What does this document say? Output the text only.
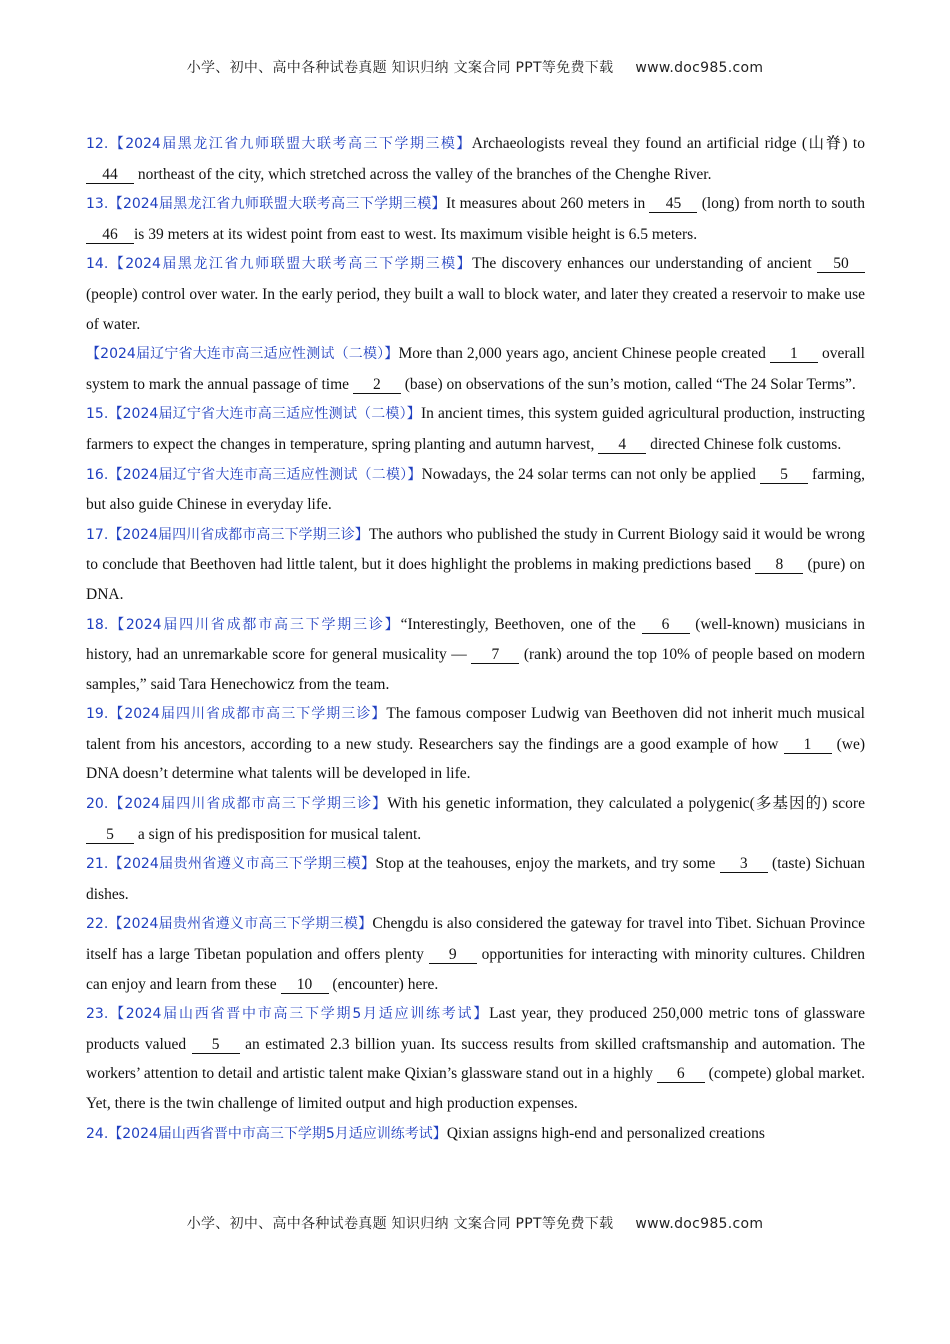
小学、初中、高中各种试卷真题 知识归纳 文案合同 PPT等免费下载 www.doc985.com

12.【2024届黑龙江省九师联盟大联考高三下学期三模】Archaeologists reveal they found an artificial ridge (山脊) to 44 northeast of the city, which stretched across the valley of the branches of the Chenghe River.

13.【2024届黑龙江省九师联盟大联考高三下学期三模】It measures about 260 meters in 45 (long) from north to south 46 is 39 meters at its widest point from east to west. Its maximum visible height is 6.5 meters.

14.【2024届黑龙江省九师联盟大联考高三下学期三模】The discovery enhances our understanding of ancient 50 (people) control over water. In the early period, they built a wall to block water, and later they created a reservoir to make use of water.

【2024届辽宁省大连市高三适应性测试（二模）】More than 2,000 years ago, ancient Chinese people created 1 overall system to mark the annual passage of time 2 (base) on observations of the sun’s motion, called “The 24 Solar Terms”.

15.【2024届辽宁省大连市高三适应性测试（二模）】In ancient times, this system guided agricultural production, instructing farmers to expect the changes in temperature, spring planting and autumn harvest, 4 directed Chinese folk customs.

16.【2024届辽宁省大连市高三适应性测试（二模）】Nowadays, the 24 solar terms can not only be applied 5 farming, but also guide Chinese in everyday life.

17.【2024届四川省成都市高三下学期三诊】The authors who published the study in Current Biology said it would be wrong to conclude that Beethoven had little talent, but it does highlight the problems in making predictions based 8 (pure) on DNA.

18.【2024届四川省成都市高三下学期三诊】“Interestingly, Beethoven, one of the 6 (well-known) musicians in history, had an unremarkable score for general musicality — 7 (rank) around the top 10% of people based on modern samples,” said Tara Henechowicz from the team.

19.【2024届四川省成都市高三下学期三诊】The famous composer Ludwig van Beethoven did not inherit much musical talent from his ancestors, according to a new study. Researchers say the findings are a good example of how 1 (we) DNA doesn’t determine what talents will be developed in life.

20.【2024届四川省成都市高三下学期三诊】With his genetic information, they calculated a polygenic(多基因的) score 5 a sign of his predisposition for musical talent.

21.【2024届贵州省遵义市高三下学期三模】Stop at the teahouses, enjoy the markets, and try some 3 (taste) Sichuan dishes.

22.【2024届贵州省遵义市高三下学期三模】Chengdu is also considered the gateway for travel into Tibet. Sichuan Province itself has a large Tibetan population and offers plenty 9 opportunities for interacting with minority cultures. Children can enjoy and learn from these 10 (encounter) here.

23.【2024届山西省晋中市高三下学期5月适应训练考试】Last year, they produced 250,000 metric tons of glassware products valued 5 an estimated 2.3 billion yuan. Its success results from skilled craftsmanship and automation. The workers’ attention to detail and artistic talent make Qixian’s glassware stand out in a highly 6 (compete) global market. Yet, there is the twin challenge of limited output and high production expenses.

24.【2024届山西省晋中市高三下学期5月适应训练考试】Qixian assigns high-end and personalized creations

小学、初中、高中各种试卷真题 知识归纳 文案合同 PPT等免费下载 www.doc985.com
